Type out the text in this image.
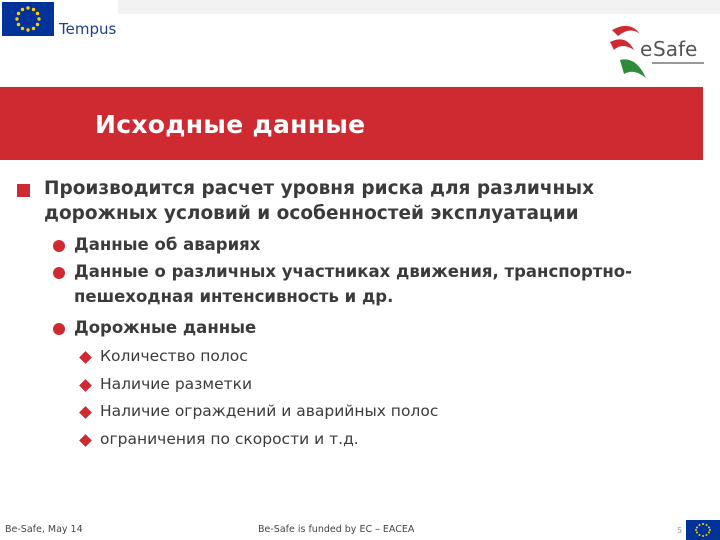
Tempus
e Safe
Исходные данные
Производится расчет уровня риска для различных
дорожных условий и особенностей эксплуатации
Данные об авариях
Данные о различных участниках движения, транспортно-
пешеходная интенсивность и др.
Дорожные данные
Количество полос
Наличие разметки
Наличие ограждений и аварийных полос
ограничения по скорости и т.д.
Be-Safe, May 14	Be-Safe is funded by EC – EACEA	5
